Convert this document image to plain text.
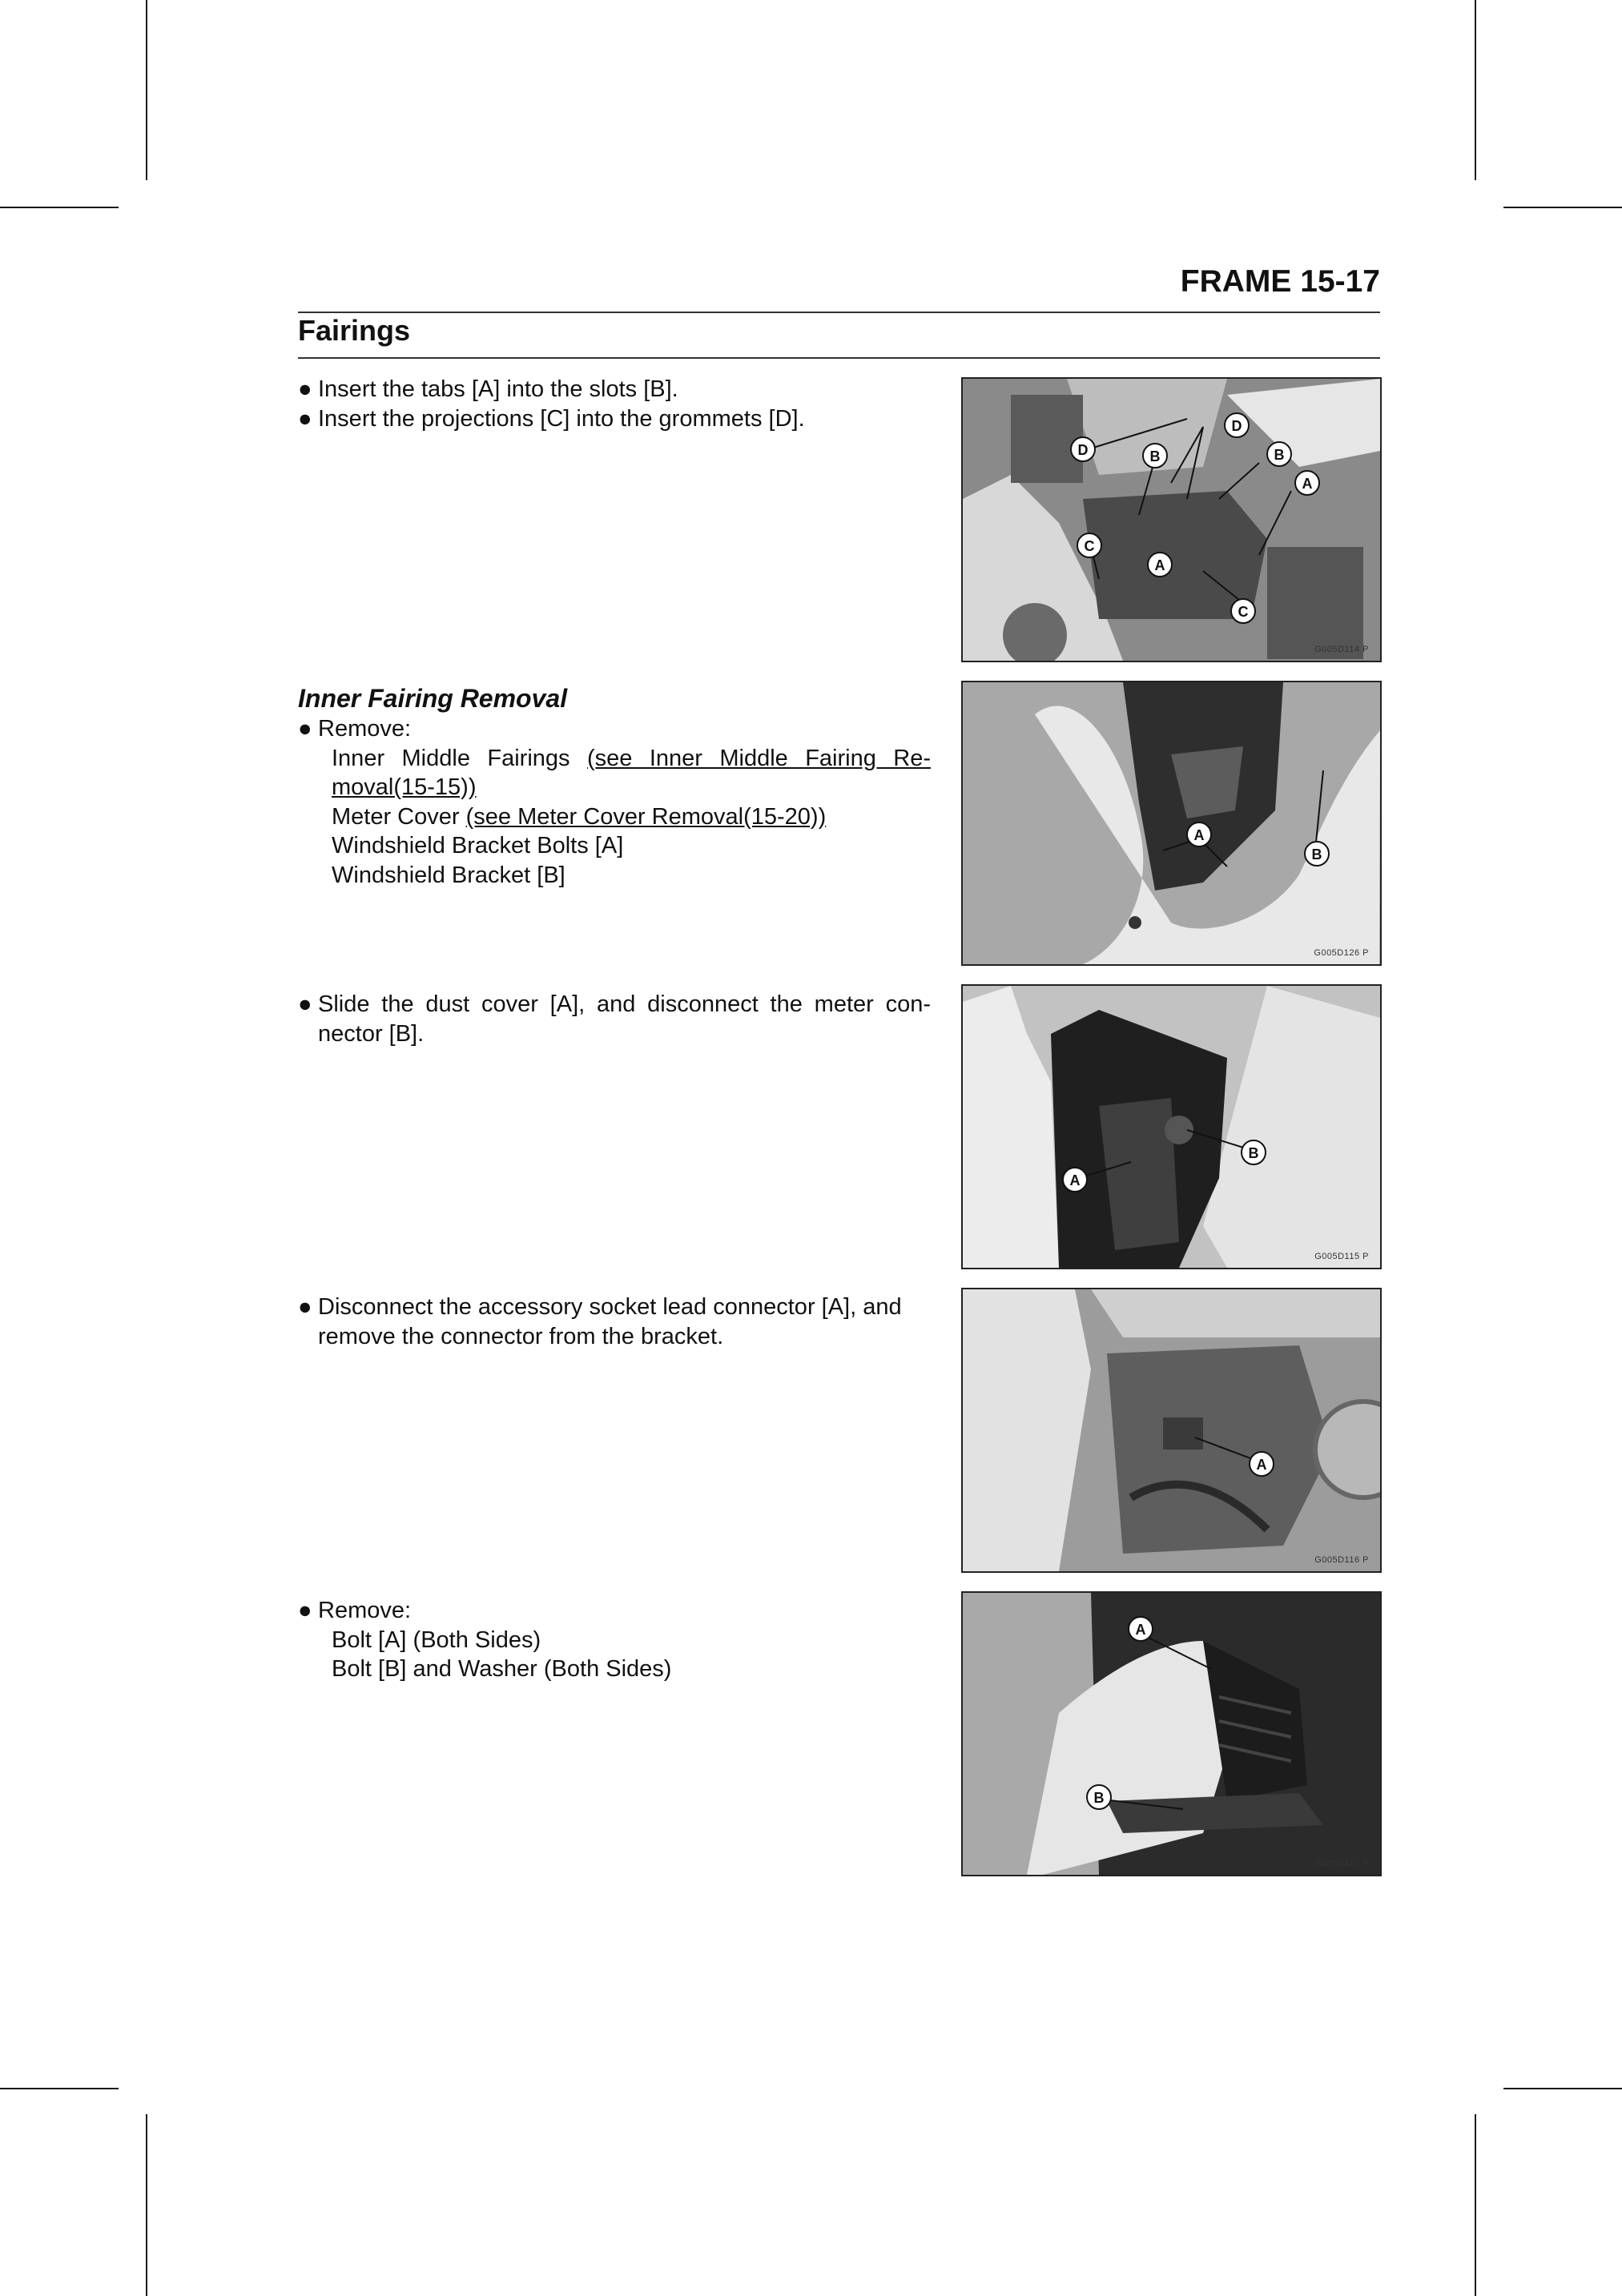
FRAME 15-17
Fairings
● Insert the tabs [A] into the slots [B].
● Insert the projections [C] into the grommets [D].
Inner Fairing Removal
● Remove:
Inner Middle Fairings (see Inner Middle Fairing Re-
moval(15-15))
Meter Cover (see Meter Cover Removal(15-20))
Windshield Bracket Bolts [A]
Windshield Bracket [B]
● Slide the dust cover [A], and disconnect the meter con-
nector [B].
● Disconnect the accessory socket lead connector [A], and
remove the connector from the bracket.
● Remove:
Bolt [A] (Both Sides)
Bolt [B] and Washer (Both Sides)
D	B
D
B
A
C
A
C
G005D114 P
A
B
G005D126 P
A
B
G005D115 P
A
G005D116 P
A
B
G005D117 P
